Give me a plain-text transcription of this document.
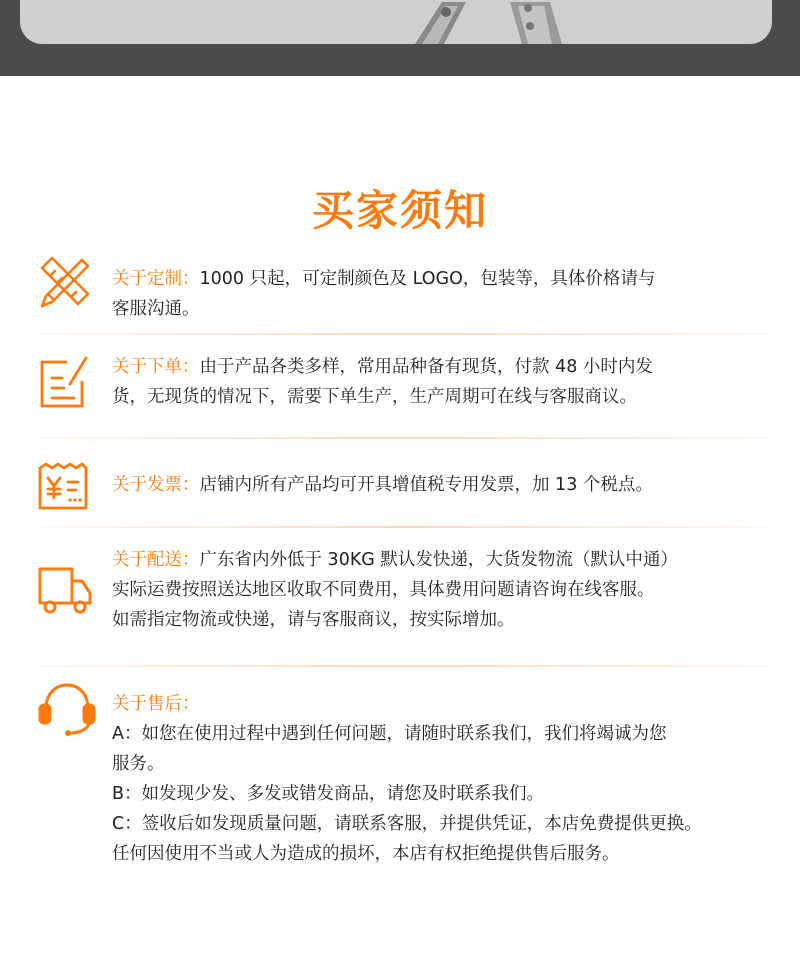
买家须知
关于定制：1000 只起，可定制颜色及 LOGO，包装等，具体价格请与
客服沟通。
关于下单：由于产品各类多样，常用品种备有现货，付款 48 小时内发
货，无现货的情况下，需要下单生产，生产周期可在线与客服商议。
关于发票：店铺内所有产品均可开具增值税专用发票，加 13 个税点。
关于配送：广东省内外低于 30KG 默认发快递，大货发物流（默认中通）
实际运费按照送达地区收取不同费用，具体费用问题请咨询在线客服。
如需指定物流或快递，请与客服商议，按实际增加。
关于售后：
A：如您在使用过程中遇到任何问题，请随时联系我们，我们将竭诚为您
服务。
B：如发现少发、多发或错发商品，请您及时联系我们。
C：签收后如发现质量问题，请联系客服，并提供凭证，本店免费提供更换。
任何因使用不当或人为造成的损坏，本店有权拒绝提供售后服务。
